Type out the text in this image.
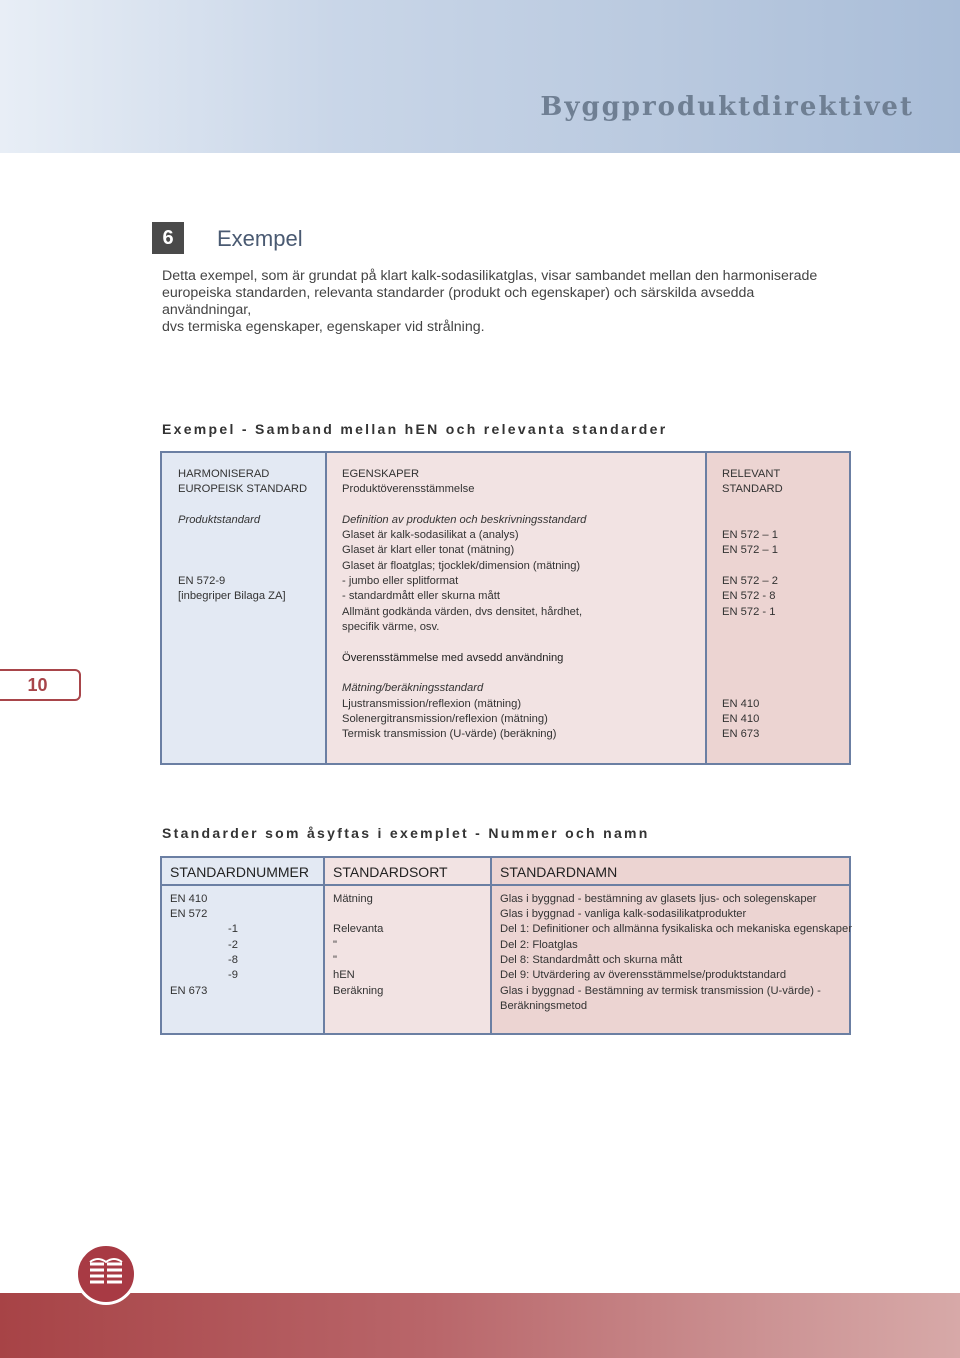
Byggproduktdirektivet
6	Exempel
Detta exempel, som är grundat på klart kalk-sodasilikatglas, visar sambandet mellan den harmoniserade
europeiska standarden, relevanta standarder (produkt och egenskaper) och särskilda avsedda användningar,
dvs termiska egenskaper, egenskaper vid strålning.
Exempel - Samband mellan hEN och relevanta standarder
HARMONISERAD
EUROPEISK STANDARD
Produktstandard
EN 572-9
[inbegriper Bilaga ZA]
EGENSKAPER
Produktöverensstämmelse
Definition av produkten och beskrivningsstandard
Glaset är kalk-sodasilikat a (analys)
Glaset är klart eller tonat (mätning)
Glaset är floatglas; tjocklek/dimension (mätning)
- jumbo eller splitformat
- standardmått eller skurna mått
Allmänt godkända värden, dvs densitet, hårdhet,
specifik värme, osv.
Överensstämmelse med avsedd användning
Mätning/beräkningsstandard
Ljustransmission/reflexion (mätning)
Solenergitransmission/reflexion (mätning)
Termisk transmission (U-värde) (beräkning)
RELEVANT
STANDARD
EN 572 – 1
EN 572 – 1
EN 572 – 2
EN 572 - 8
EN 572 - 1
EN 410
EN 410
EN 673
10
Standarder som åsyftas i exemplet - Nummer och namn
STANDARDNUMMER
EN 410
EN 572
-1
-2
-8
-9
EN 673
STANDARDSORT
Mätning
Relevanta
"
"
hEN
Beräkning
STANDARDNAMN
Glas i byggnad - bestämning av glasets ljus- och solegenskaper
Glas i byggnad - vanliga kalk-sodasilikatprodukter
Del 1: Definitioner och allmänna fysikaliska och mekaniska egenskaper
Del 2: Floatglas
Del 8: Standardmått och skurna mått
Del 9: Utvärdering av överensstämmelse/produktstandard
Glas i byggnad - Bestämning av termisk transmission (U-värde) -
Beräkningsmetod
